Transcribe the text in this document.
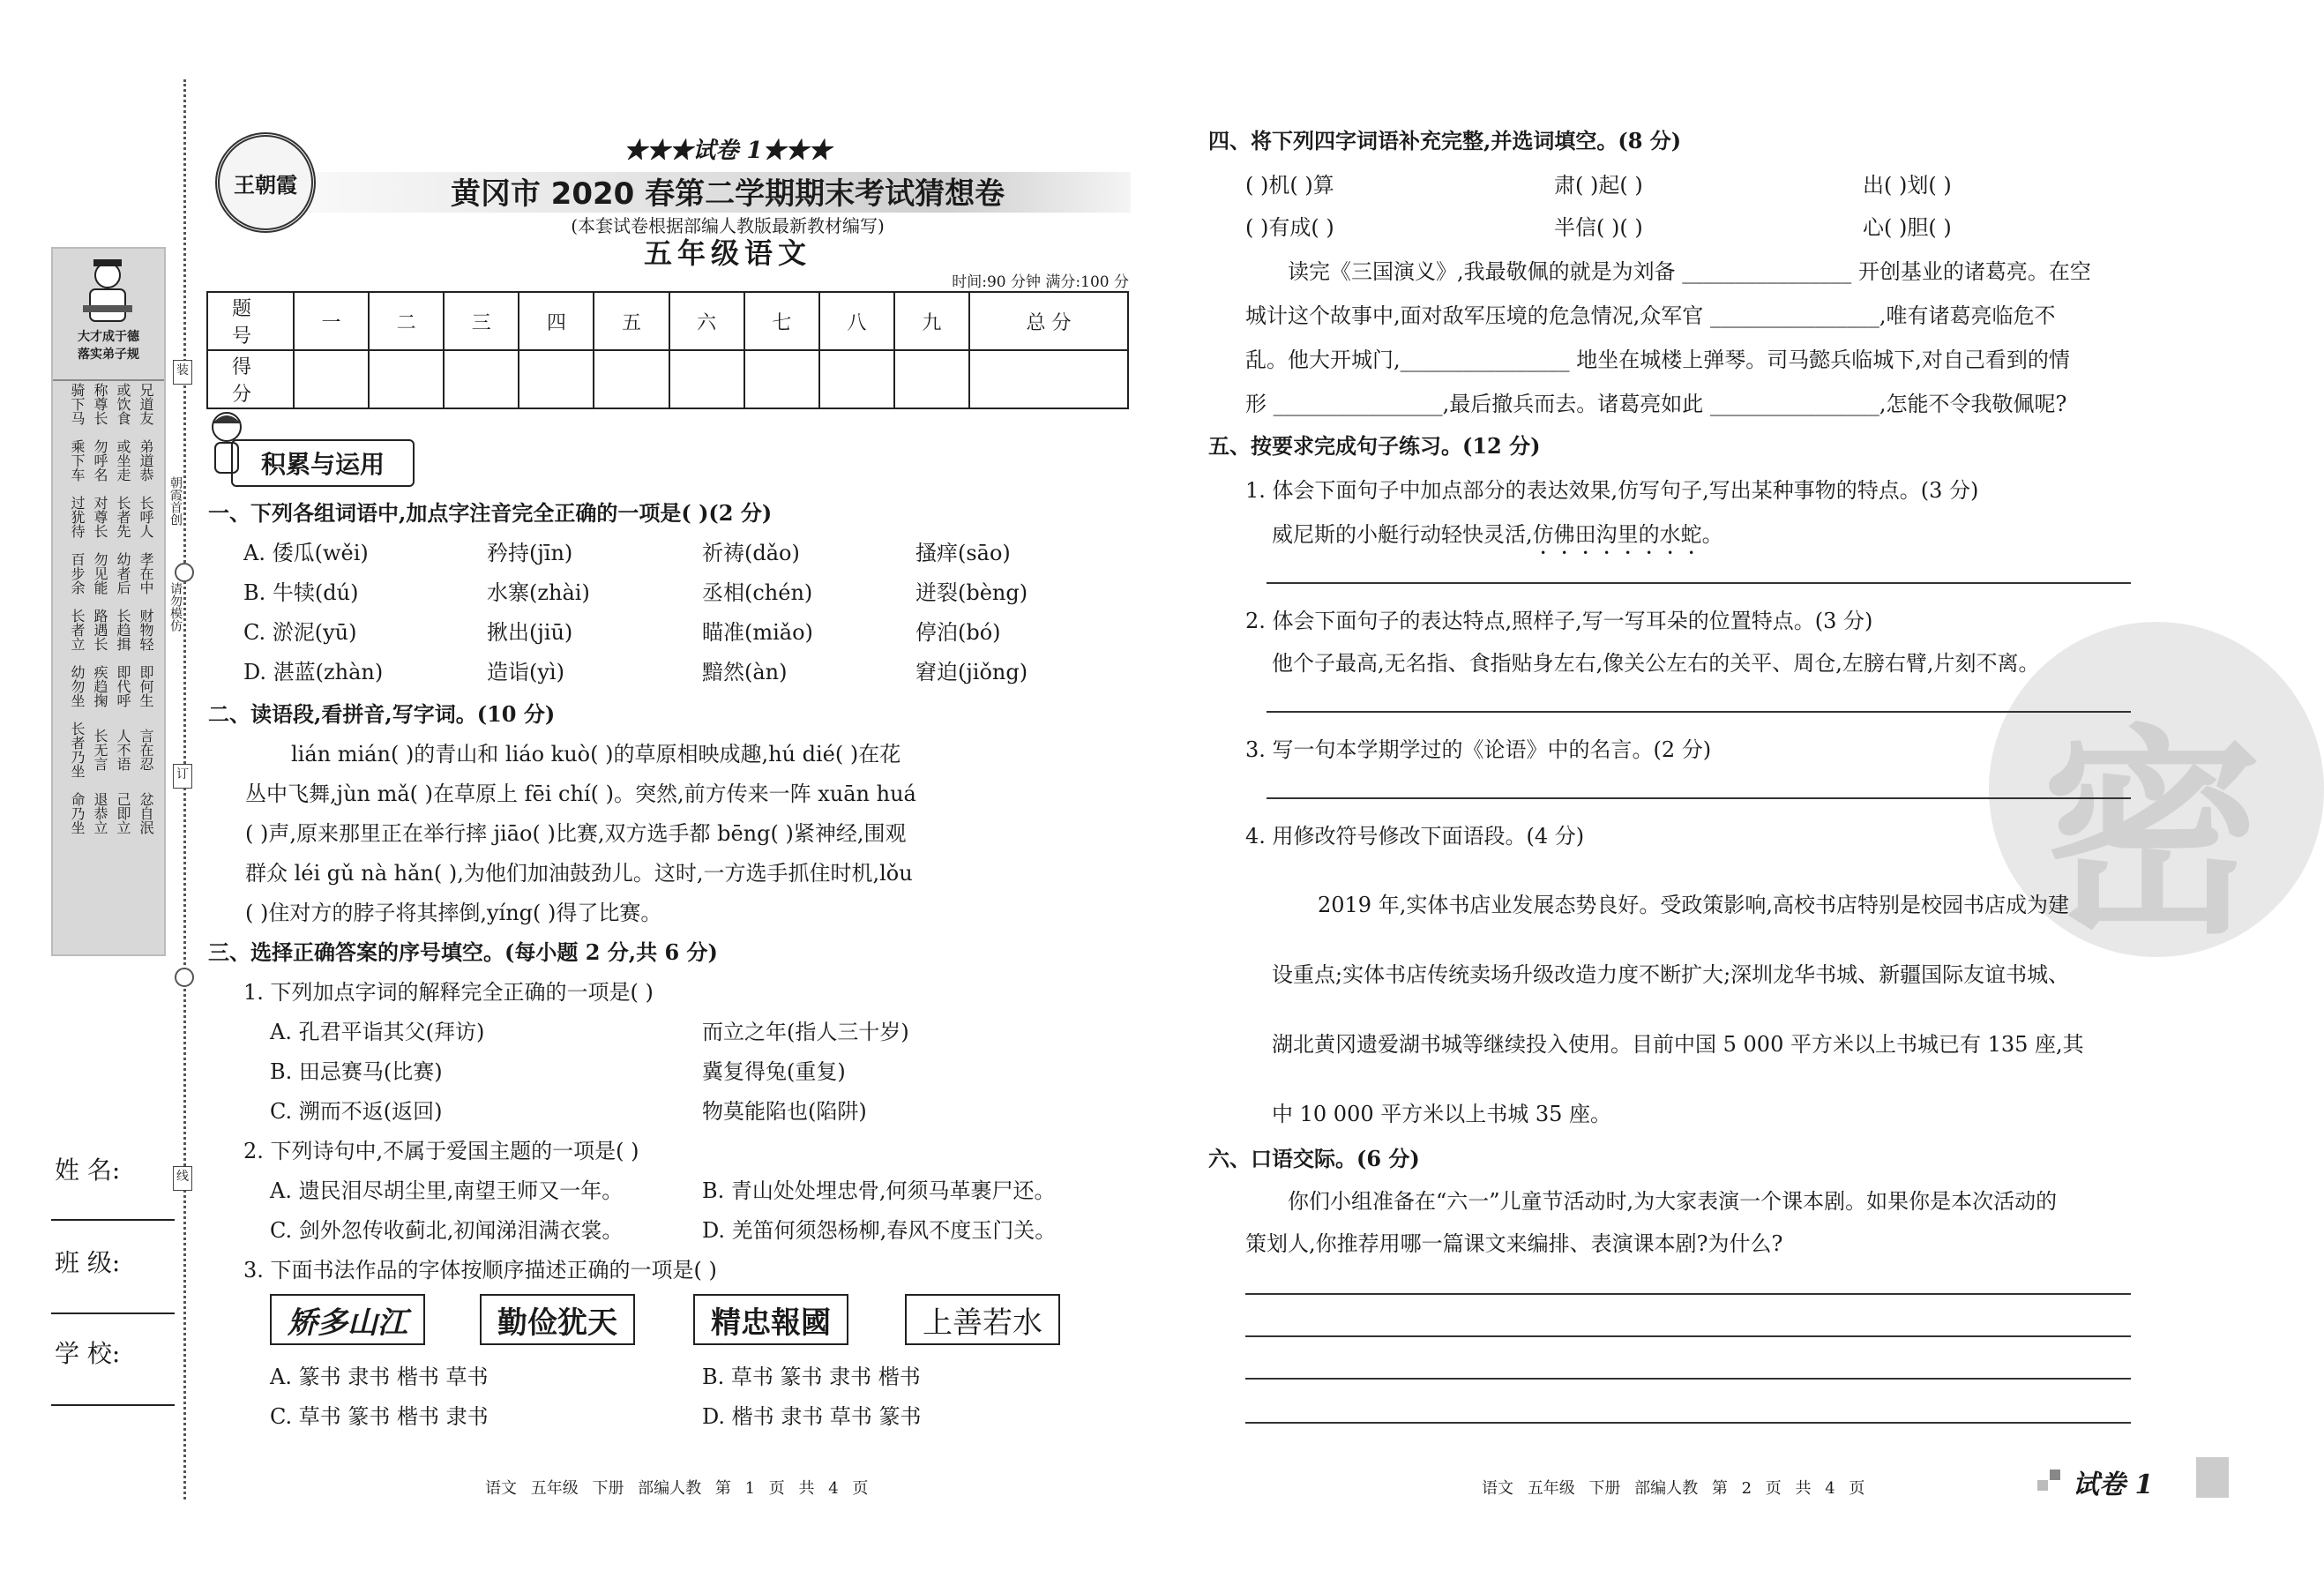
大才成于德
落实弟子规
骑下马 称尊长 或饮食 兄道友
乘下车 勿呼名 或坐走 弟道恭
过犹待 对尊长 长者先 长呼人
百步余 勿见能 幼者后 孝在中
长者立 路遇长 长趋揖 财物轻
幼勿坐 疾趋掬 即代呼 即何生
长者乃坐 长无言 人不语 言在忍
命乃坐 退恭立 己即立 忿自泯
朝霞首创
请勿模仿
装
订
线
姓 名:
班 级:
学 校:
王朝霞
★★★试卷 1★★★
黄冈市 2020 春第二学期期末考试猜想卷
(本套试卷根据部编人教版最新教材编写)
五年级语文
时间:90 分钟 满分:100 分
题 号	一	二	三	四	五	六	七	八	九	总 分
得 分										
积累与运用
一、下列各组词语中,加点字注音完全正确的一项是( )(2 分)
A. 倭瓜(wěi)	矜持(jīn)	祈祷(dǎo)	搔痒(sāo)
B. 牛犊(dú)	水寨(zhài)	丞相(chén)	迸裂(bèng)
C. 淤泥(yū)	揪出(jiū)	瞄准(miǎo)	停泊(bó)
D. 湛蓝(zhàn)	造诣(yì)	黯然(àn)	窘迫(jiǒng)
二、读语段,看拼音,写字词。(10 分)
lián mián( )的青山和 liáo kuò( )的草原相映成趣,hú dié( )在花
丛中飞舞,jùn mǎ( )在草原上 fēi chí( )。突然,前方传来一阵 xuān huá
( )声,原来那里正在举行摔 jiāo( )比赛,双方选手都 bēng( )紧神经,围观
群众 léi gǔ nà hǎn( ),为他们加油鼓劲儿。这时,一方选手抓住时机,lǒu
( )住对方的脖子将其摔倒,yíng( )得了比赛。
三、选择正确答案的序号填空。(每小题 2 分,共 6 分)
1. 下列加点字词的解释完全正确的一项是( )
A. 孔君平诣其父(拜访)	而立之年(指人三十岁)
B. 田忌赛马(比赛)	冀复得兔(重复)
C. 溯而不返(返回)	物莫能陷也(陷阱)
2. 下列诗句中,不属于爱国主题的一项是( )
A. 遗民泪尽胡尘里,南望王师又一年。	B. 青山处处埋忠骨,何须马革裹尸还。
C. 剑外忽传收蓟北,初闻涕泪满衣裳。	D. 羌笛何须怨杨柳,春风不度玉门关。
3. 下面书法作品的字体按顺序描述正确的一项是( )
矫多山江	勤俭犹天	精忠報國	上善若水
A. 篆书 隶书 楷书 草书	B. 草书 篆书 隶书 楷书
C. 草书 篆书 楷书 隶书	D. 楷书 隶书 草书 篆书
语文 五年级 下册 部编人教 第 1 页 共 4 页
密
四、将下列四字词语补充完整,并选词填空。(8 分)
( )机( )算	肃( )起( )	出( )划( )
( )有成( )	半信( )( )	心( )胆( )
读完《三国演义》,我最敬佩的就是为刘备 ________________ 开创基业的诸葛亮。在空
城计这个故事中,面对敌军压境的危急情况,众军官 ________________,唯有诸葛亮临危不
乱。他大开城门,________________ 地坐在城楼上弹琴。司马懿兵临城下,对自己看到的情
形 ________________,最后撤兵而去。诸葛亮如此 ________________,怎能不令我敬佩呢?
五、按要求完成句子练习。(12 分)
1. 体会下面句子中加点部分的表达效果,仿写句子,写出某种事物的特点。(3 分)
威尼斯的小艇行动轻快灵活,仿佛田沟里的水蛇。
2. 体会下面句子的表达特点,照样子,写一写耳朵的位置特点。(3 分)
他个子最高,无名指、食指贴身左右,像关公左右的关平、周仓,左膀右臂,片刻不离。
3. 写一句本学期学过的《论语》中的名言。(2 分)
4. 用修改符号修改下面语段。(4 分)
2019 年,实体书店业发展态势良好。受政策影响,高校书店特别是校园书店成为建
设重点;实体书店传统卖场升级改造力度不断扩大;深圳龙华书城、新疆国际友谊书城、
湖北黄冈遗爱湖书城等继续投入使用。目前中国 5 000 平方米以上书城已有 135 座,其
中 10 000 平方米以上书城 35 座。
六、口语交际。(6 分)
你们小组准备在“六一”儿童节活动时,为大家表演一个课本剧。如果你是本次活动的
策划人,你推荐用哪一篇课文来编排、表演课本剧?为什么?
语文 五年级 下册 部编人教 第 2 页 共 4 页	试卷 1
